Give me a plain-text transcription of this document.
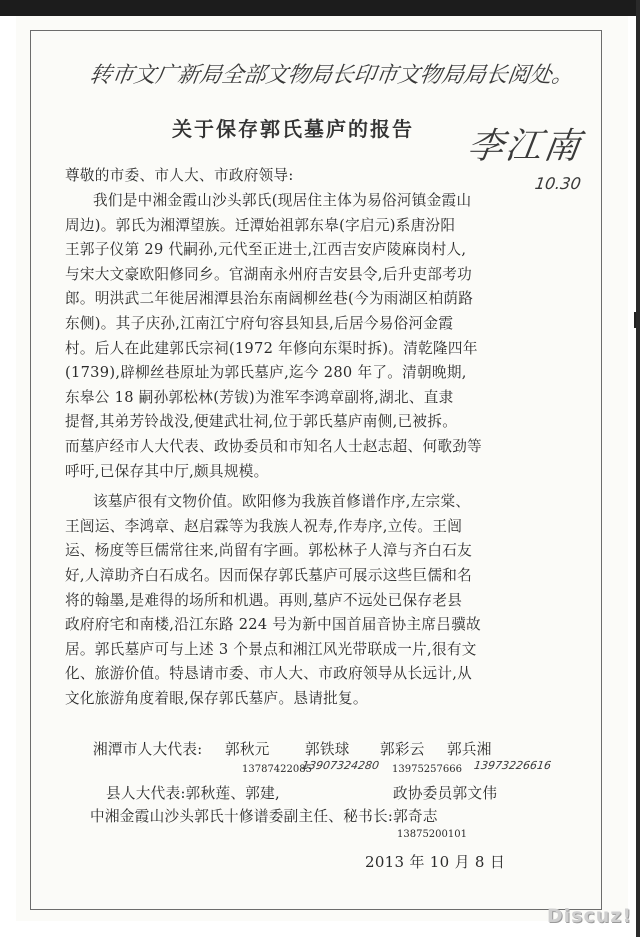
转市文广新局全部文物局长印市文物局局长阅处。
关于保存郭氏墓庐的报告 李江南
10.30
尊敬的市委、市人大、市政府领导:
我们是中湘金霞山沙头郭氏(现居住主体为易俗河镇金霞山
周边)。郭氏为湘潭望族。迁潭始祖郭东皋(字启元)系唐汾阳
王郭子仪第 29 代嗣孙,元代至正进士,江西吉安庐陵麻岗村人,
与宋大文豪欧阳修同乡。官湖南永州府吉安县令,后升吏部考功
郎。明洪武二年徙居湘潭县治东南阔柳丝巷(今为雨湖区柏荫路
东侧)。其子庆孙,江南江宁府句容县知县,后居今易俗河金霞
村。后人在此建郭氏宗祠(1972 年修向东渠时拆)。清乾隆四年
(1739),辟柳丝巷原址为郭氏墓庐,迄今 280 年了。清朝晚期,
东皋公 18 嗣孙郭松林(芳钹)为淮军李鸿章副将,湖北、直隶
提督,其弟芳铃战没,便建武壮祠,位于郭氏墓庐南侧,已被拆。
而墓庐经市人大代表、政协委员和市知名人士赵志超、何歌劲等
呼吁,已保存其中厅,颇具规模。
该墓庐很有文物价值。欧阳修为我族首修谱作序,左宗棠、
王闿运、李鸿章、赵启霖等为我族人祝寿,作寿序,立传。王闿
运、杨度等巨儒常往来,尚留有字画。郭松林子人漳与齐白石友
好,人漳助齐白石成名。因而保存郭氏墓庐可展示这些巨儒和名
将的翰墨,是难得的场所和机遇。再则,墓庐不远处已保存老县
政府府宅和南楼,沿江东路 224 号为新中国首届音协主席吕骥故
居。郭氏墓庐可与上述 3 个景点和湘江风光带联成一片,很有文
化、旅游价值。特恳请市委、市人大、市政府领导从长远计,从
文化旅游角度着眼,保存郭氏墓庐。恳请批复。
湘潭市人大代表: 郭秋元 郭铁球 郭彩云 郭兵湘
13787422085
13907324280 13975257666 13973226616
县人大代表:郭秋莲、郭建,	政协委员郭文伟
中湘金霞山沙头郭氏十修谱委副主任、秘书长:郭奇志
13875200101
2013 年 10 月 8 日
Discuz!
